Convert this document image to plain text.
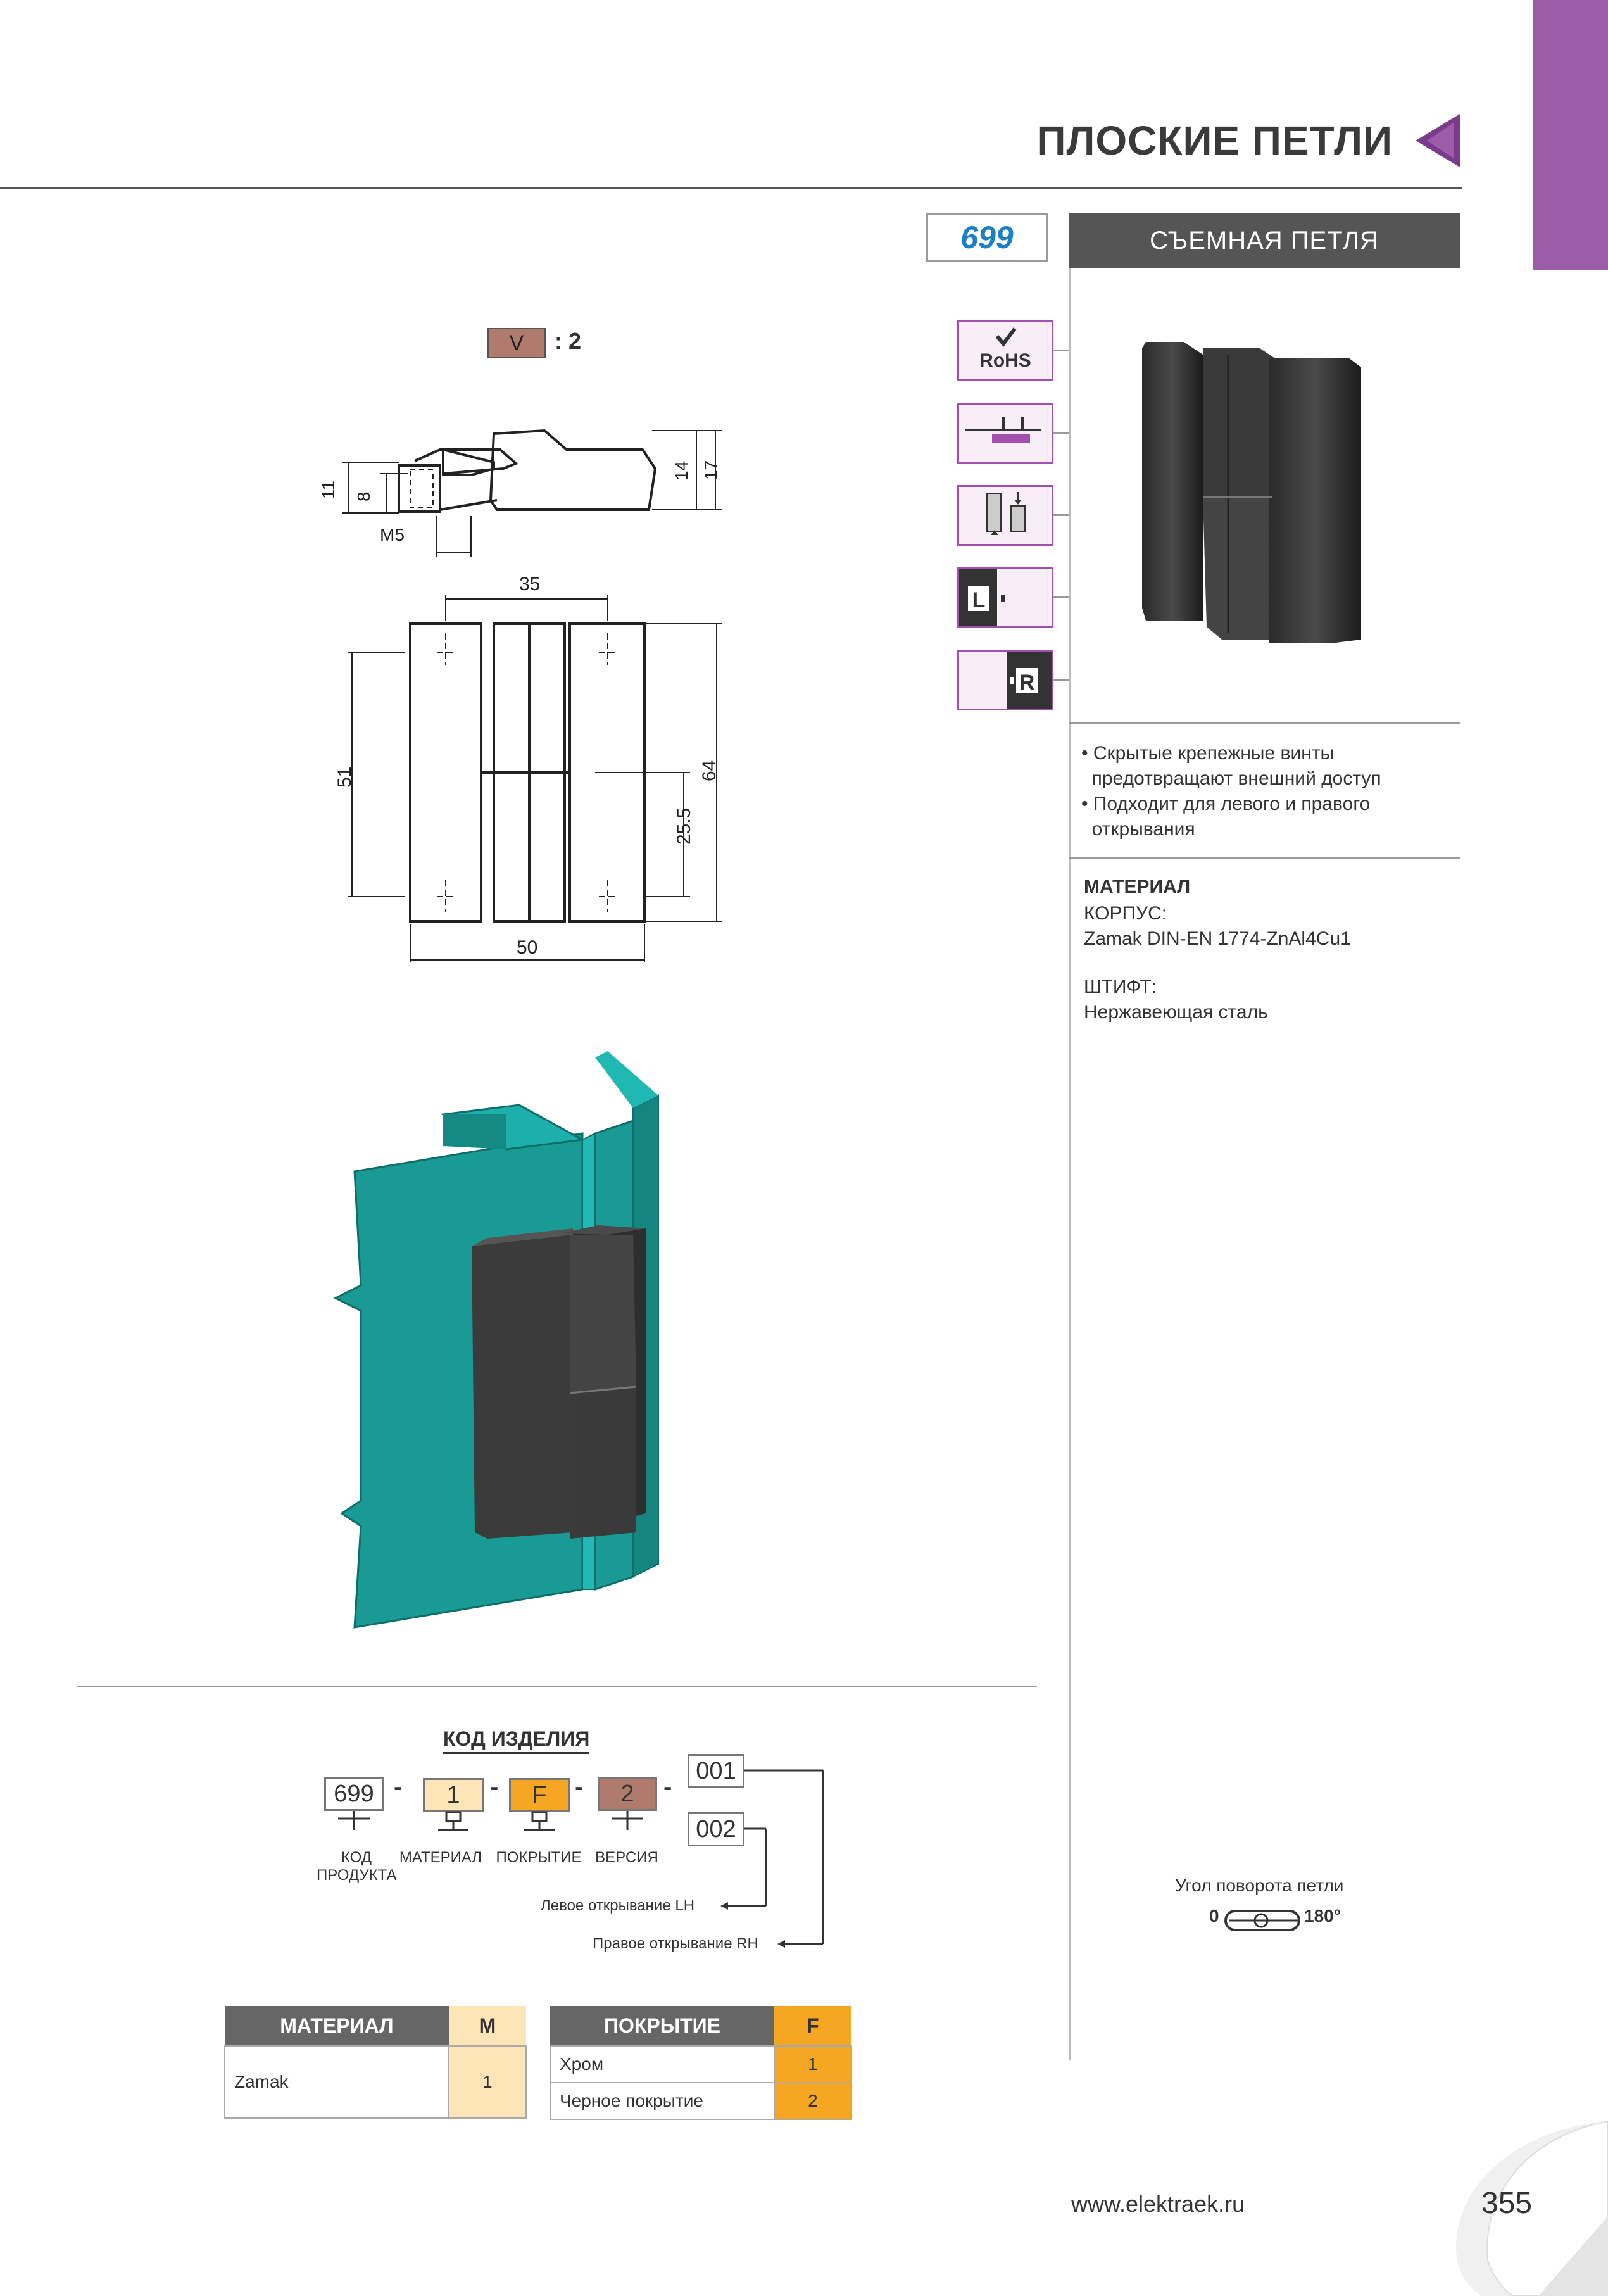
ПЛОСКИЕ ПЕТЛИ
699	СЪЕМНАЯ ПЕТЛЯ
RoHS
L
R
• Скрытые крепежные винты
предотвращают внешний доступ
• Подходит для левого и правого
открывания
МАТЕРИАЛ
КОРПУС:
Zamak DIN-EN 1774-ZnAl4Cu1
ШТИФТ:
Нержавеющая сталь
V	: 2
11 8
14 17
M5
35
51
25.5
64
50
КОД ИЗДЕЛИЯ
699 -	1	-	F	-	2	-
001
002
КОД
ПРОДУКТА
МАТЕРИАЛ ПОКРЫТИЕ ВЕРСИЯ
Левое открывание LH
Правое открывание RH
Угол поворота петли
0	180°
МАТЕРИАЛ	M
Zamak	1
ПОКРЫТИЕ	F
Хром	1
Черное покрытие	2
www.elektraek.ru	355
